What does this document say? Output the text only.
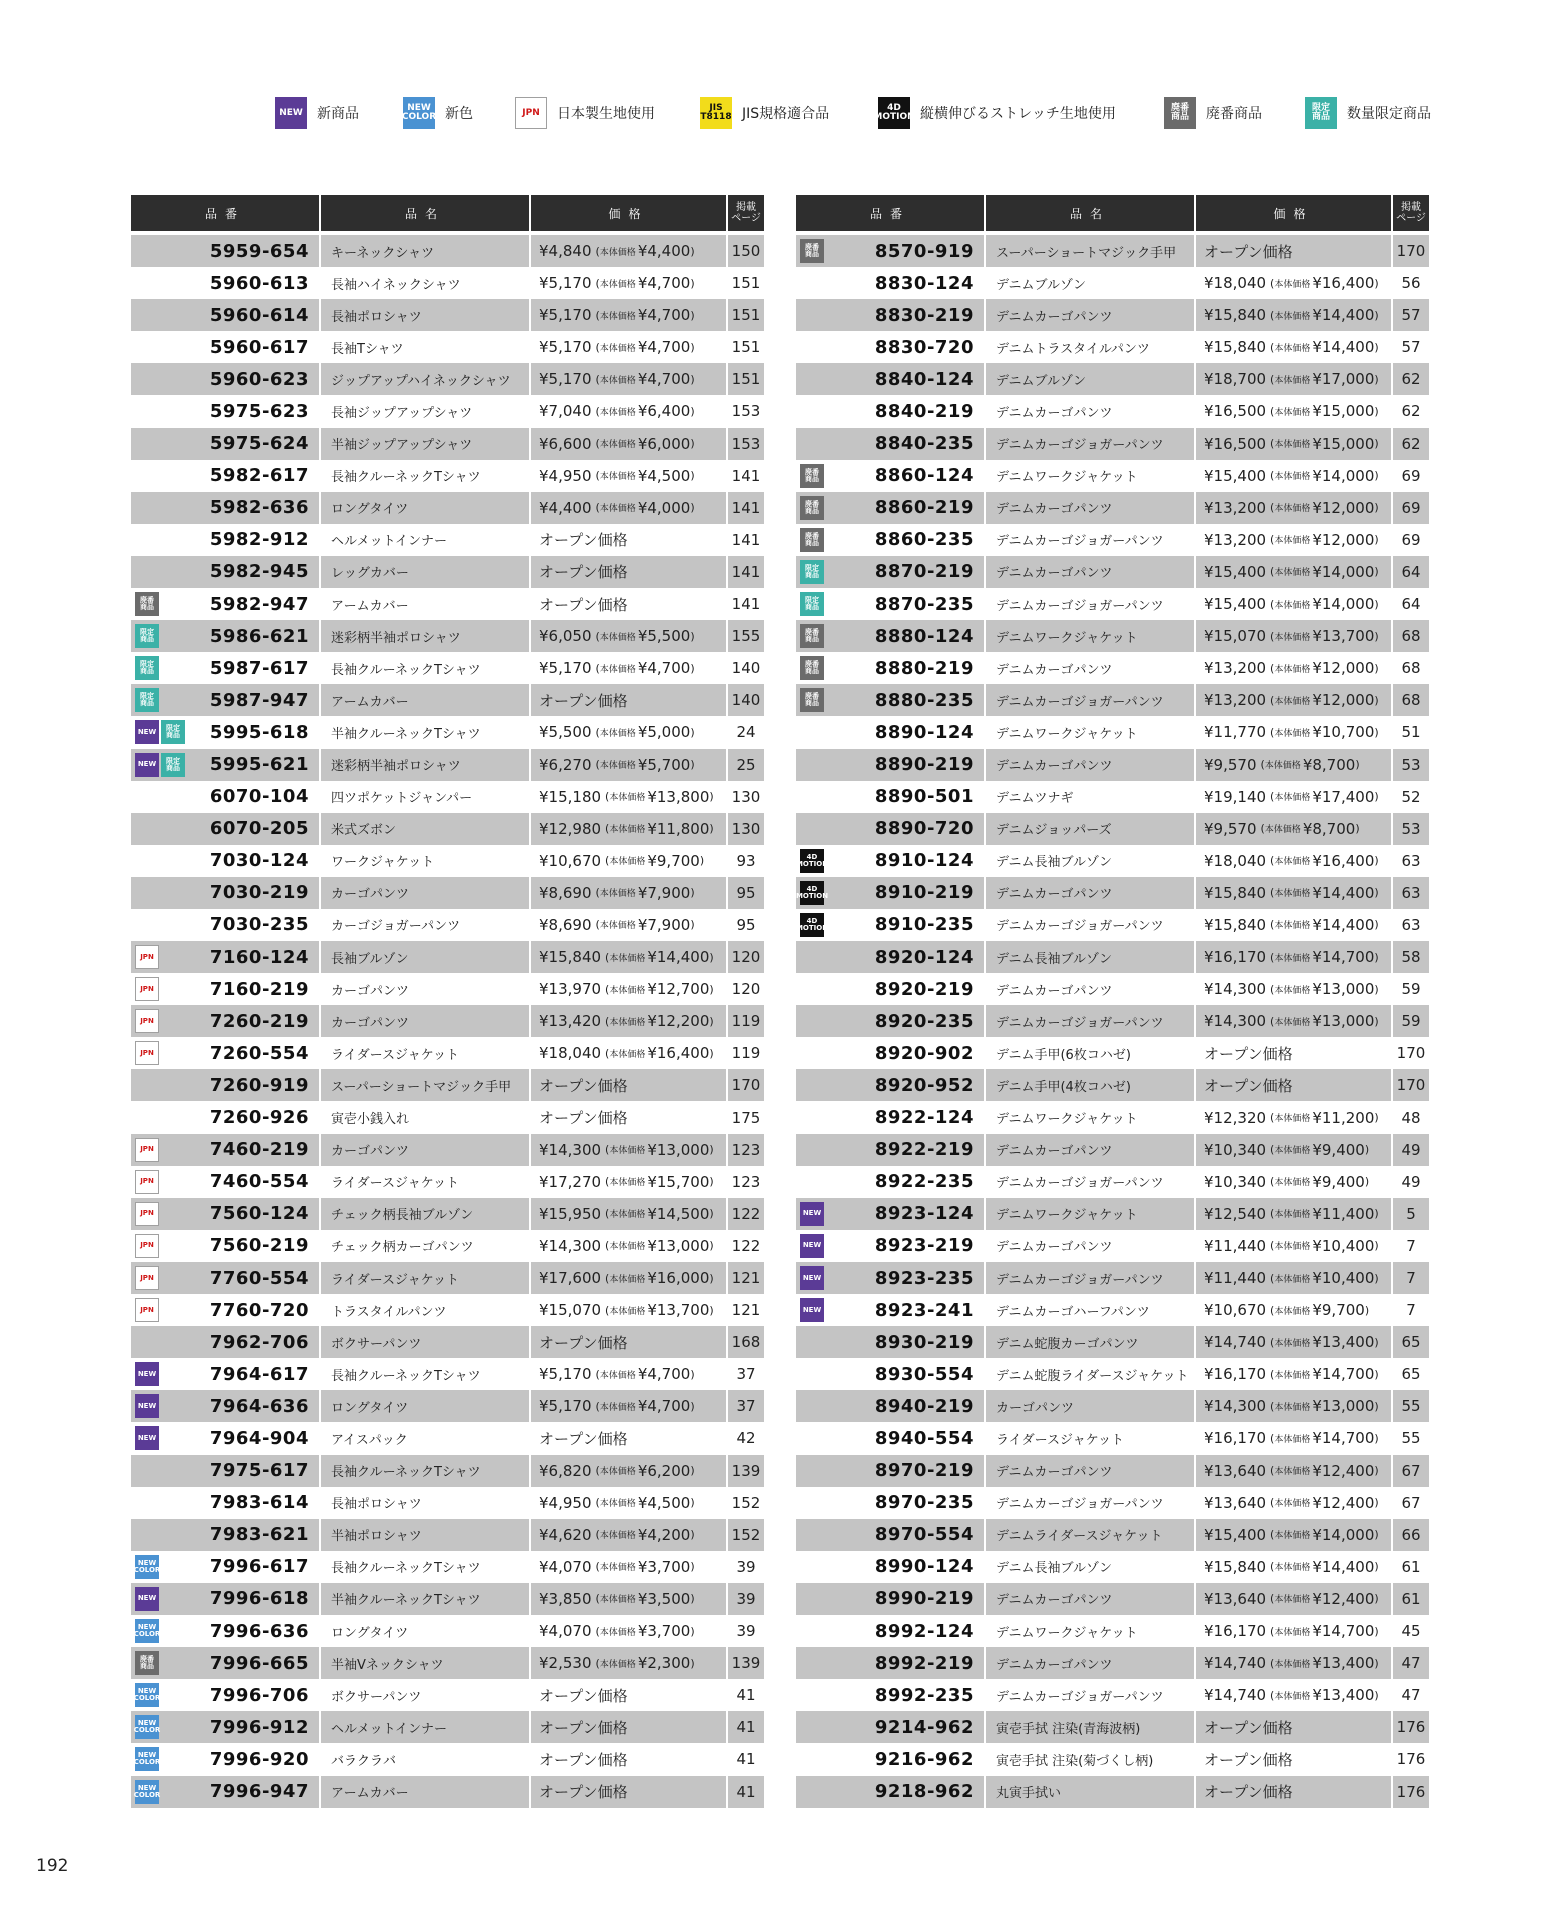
NEW 新商品	NEW
COLOR 新色	JPN 日本製生地使用	JIS
T8118 JIS規格適合品	4D
MOTION 縦横伸びるストレッチ生地使用	廃番
商品 廃番商品	限定
商品 数量限定商品
品番	品名	価格	掲載
ページ
5959-654	キーネックシャツ	¥4,840 ( 本体価格 ¥4,400 ) 150
5960-613	長袖ハイネックシャツ	¥5,170 ( 本体価格 ¥4,700 ) 151
5960-614	長袖ポロシャツ	¥5,170 ( 本体価格 ¥4,700 ) 151
5960-617	長袖Tシャツ	¥5,170 ( 本体価格 ¥4,700 ) 151
5960-623	ジップアップハイネックシャツ	¥5,170 ( 本体価格 ¥4,700 ) 151
5975-623	長袖ジップアップシャツ	¥7,040 ( 本体価格 ¥6,400 ) 153
5975-624	半袖ジップアップシャツ	¥6,600 ( 本体価格 ¥6,000 ) 153
5982-617	長袖クルーネックTシャツ	¥4,950 ( 本体価格 ¥4,500 ) 141
5982-636	ロングタイツ	¥4,400 ( 本体価格 ¥4,000 ) 141
5982-912	ヘルメットインナー	オープン価格	141
5982-945	レッグカバー	オープン価格	141
廃番
商品	5982-947	アームカバー	オープン価格	141
限定
商品	5986-621	迷彩柄半袖ポロシャツ	¥6,050 ( 本体価格 ¥5,500 ) 155
限定
商品	5987-617	長袖クルーネックTシャツ	¥5,170 ( 本体価格 ¥4,700 ) 140
限定
商品	5987-947	アームカバー	オープン価格	140
NEW 限定
商品 5995-618	半袖クルーネックTシャツ	¥5,500 ( 本体価格 ¥5,000 )	24
NEW 限定
商品 5995-621	迷彩柄半袖ポロシャツ	¥6,270 ( 本体価格 ¥5,700 )	25
6070-104	四ツポケットジャンパー	¥15,180 ( 本体価格 ¥13,800 ) 130
6070-205	米式ズボン	¥12,980 ( 本体価格 ¥11,800 ) 130
7030-124	ワークジャケット	¥10,670 ( 本体価格 ¥9,700 )	93
7030-219	カーゴパンツ	¥8,690 ( 本体価格 ¥7,900 )	95
7030-235	カーゴジョガーパンツ	¥8,690 ( 本体価格 ¥7,900 )	95
JPN	7160-124	長袖ブルゾン	¥15,840 ( 本体価格 ¥14,400 ) 120
JPN	7160-219	カーゴパンツ	¥13,970 ( 本体価格 ¥12,700 ) 120
JPN	7260-219	カーゴパンツ	¥13,420 ( 本体価格 ¥12,200 ) 119
JPN	7260-554	ライダースジャケット	¥18,040 ( 本体価格 ¥16,400 ) 119
7260-919	スーパーショートマジック手甲	オープン価格	170
7260-926	寅壱小銭入れ	オープン価格	175
JPN	7460-219	カーゴパンツ	¥14,300 ( 本体価格 ¥13,000 ) 123
JPN	7460-554	ライダースジャケット	¥17,270 ( 本体価格 ¥15,700 ) 123
JPN	7560-124	チェック柄長袖ブルゾン	¥15,950 ( 本体価格 ¥14,500 ) 122
JPN	7560-219	チェック柄カーゴパンツ	¥14,300 ( 本体価格 ¥13,000 ) 122
JPN	7760-554	ライダースジャケット	¥17,600 ( 本体価格 ¥16,000 ) 121
JPN	7760-720	トラスタイルパンツ	¥15,070 ( 本体価格 ¥13,700 ) 121
7962-706	ボクサーパンツ	オープン価格	168
NEW	7964-617	長袖クルーネックTシャツ	¥5,170 ( 本体価格 ¥4,700 )	37
NEW	7964-636	ロングタイツ	¥5,170 ( 本体価格 ¥4,700 )	37
NEW	7964-904	アイスパック	オープン価格	42
7975-617	長袖クルーネックTシャツ	¥6,820 ( 本体価格 ¥6,200 ) 139
7983-614	長袖ポロシャツ	¥4,950 ( 本体価格 ¥4,500 ) 152
7983-621	半袖ポロシャツ	¥4,620 ( 本体価格 ¥4,200 ) 152
NEW
COLOR	7996-617	長袖クルーネックTシャツ	¥4,070 ( 本体価格 ¥3,700 )	39
NEW	7996-618	半袖クルーネックTシャツ	¥3,850 ( 本体価格 ¥3,500 )	39
NEW
COLOR	7996-636	ロングタイツ	¥4,070 ( 本体価格 ¥3,700 )	39
廃番
商品	7996-665	半袖Vネックシャツ	¥2,530 ( 本体価格 ¥2,300 ) 139
NEW
COLOR	7996-706	ボクサーパンツ	オープン価格	41
NEW
COLOR	7996-912	ヘルメットインナー	オープン価格	41
NEW
COLOR	7996-920	バラクラバ	オープン価格	41
NEW
COLOR	7996-947	アームカバー	オープン価格	41
品番	品名	価格	掲載
ページ
廃番
商品	8570-919	スーパーショートマジック手甲	オープン価格	170
8830-124	デニムブルゾン	¥18,040 ( 本体価格 ¥16,400 )	56
8830-219	デニムカーゴパンツ	¥15,840 ( 本体価格 ¥14,400 )	57
8830-720	デニムトラスタイルパンツ	¥15,840 ( 本体価格 ¥14,400 )	57
8840-124	デニムブルゾン	¥18,700 ( 本体価格 ¥17,000 )	62
8840-219	デニムカーゴパンツ	¥16,500 ( 本体価格 ¥15,000 )	62
8840-235	デニムカーゴジョガーパンツ	¥16,500 ( 本体価格 ¥15,000 )	62
廃番
商品	8860-124	デニムワークジャケット	¥15,400 ( 本体価格 ¥14,000 )	69
廃番
商品	8860-219	デニムカーゴパンツ	¥13,200 ( 本体価格 ¥12,000 )	69
廃番
商品	8860-235	デニムカーゴジョガーパンツ	¥13,200 ( 本体価格 ¥12,000 )	69
限定
商品	8870-219	デニムカーゴパンツ	¥15,400 ( 本体価格 ¥14,000 )	64
限定
商品	8870-235	デニムカーゴジョガーパンツ	¥15,400 ( 本体価格 ¥14,000 )	64
廃番
商品	8880-124	デニムワークジャケット	¥15,070 ( 本体価格 ¥13,700 )	68
廃番
商品	8880-219	デニムカーゴパンツ	¥13,200 ( 本体価格 ¥12,000 )	68
廃番
商品	8880-235	デニムカーゴジョガーパンツ	¥13,200 ( 本体価格 ¥12,000 )	68
8890-124	デニムワークジャケット	¥11,770 ( 本体価格 ¥10,700 )	51
8890-219	デニムカーゴパンツ	¥9,570 ( 本体価格 ¥8,700 )	53
8890-501	デニムツナギ	¥19,140 ( 本体価格 ¥17,400 )	52
8890-720	デニムジョッパーズ	¥9,570 ( 本体価格 ¥8,700 )	53
4D
MOTION	8910-124	デニム長袖ブルゾン	¥18,040 ( 本体価格 ¥16,400 )	63
4D
MOTION	8910-219	デニムカーゴパンツ	¥15,840 ( 本体価格 ¥14,400 )	63
4D
MOTION	8910-235	デニムカーゴジョガーパンツ	¥15,840 ( 本体価格 ¥14,400 )	63
8920-124	デニム長袖ブルゾン	¥16,170 ( 本体価格 ¥14,700 )	58
8920-219	デニムカーゴパンツ	¥14,300 ( 本体価格 ¥13,000 )	59
8920-235	デニムカーゴジョガーパンツ	¥14,300 ( 本体価格 ¥13,000 )	59
8920-902	デニム手甲(6枚コハゼ)	オープン価格	170
8920-952	デニム手甲(4枚コハゼ)	オープン価格	170
8922-124	デニムワークジャケット	¥12,320 ( 本体価格 ¥11,200 )	48
8922-219	デニムカーゴパンツ	¥10,340 ( 本体価格 ¥9,400 )	49
8922-235	デニムカーゴジョガーパンツ	¥10,340 ( 本体価格 ¥9,400 )	49
NEW	8923-124	デニムワークジャケット	¥12,540 ( 本体価格 ¥11,400 )	5
NEW	8923-219	デニムカーゴパンツ	¥11,440 ( 本体価格 ¥10,400 )	7
NEW	8923-235	デニムカーゴジョガーパンツ	¥11,440 ( 本体価格 ¥10,400 )	7
NEW	8923-241	デニムカーゴハーフパンツ	¥10,670 ( 本体価格 ¥9,700 )	7
8930-219	デニム蛇腹カーゴパンツ	¥14,740 ( 本体価格 ¥13,400 )	65
8930-554	デニム蛇腹ライダースジャケット	¥16,170 ( 本体価格 ¥14,700 )	65
8940-219	カーゴパンツ	¥14,300 ( 本体価格 ¥13,000 )	55
8940-554	ライダースジャケット	¥16,170 ( 本体価格 ¥14,700 )	55
8970-219	デニムカーゴパンツ	¥13,640 ( 本体価格 ¥12,400 )	67
8970-235	デニムカーゴジョガーパンツ	¥13,640 ( 本体価格 ¥12,400 )	67
8970-554	デニムライダースジャケット	¥15,400 ( 本体価格 ¥14,000 )	66
8990-124	デニム長袖ブルゾン	¥15,840 ( 本体価格 ¥14,400 )	61
8990-219	デニムカーゴパンツ	¥13,640 ( 本体価格 ¥12,400 )	61
8992-124	デニムワークジャケット	¥16,170 ( 本体価格 ¥14,700 )	45
8992-219	デニムカーゴパンツ	¥14,740 ( 本体価格 ¥13,400 )	47
8992-235	デニムカーゴジョガーパンツ	¥14,740 ( 本体価格 ¥13,400 )	47
9214-962	寅壱手拭 注染(青海波柄)	オープン価格	176
9216-962	寅壱手拭 注染(菊づくし柄)	オープン価格	176
9218-962	丸寅手拭い	オープン価格	176
192
